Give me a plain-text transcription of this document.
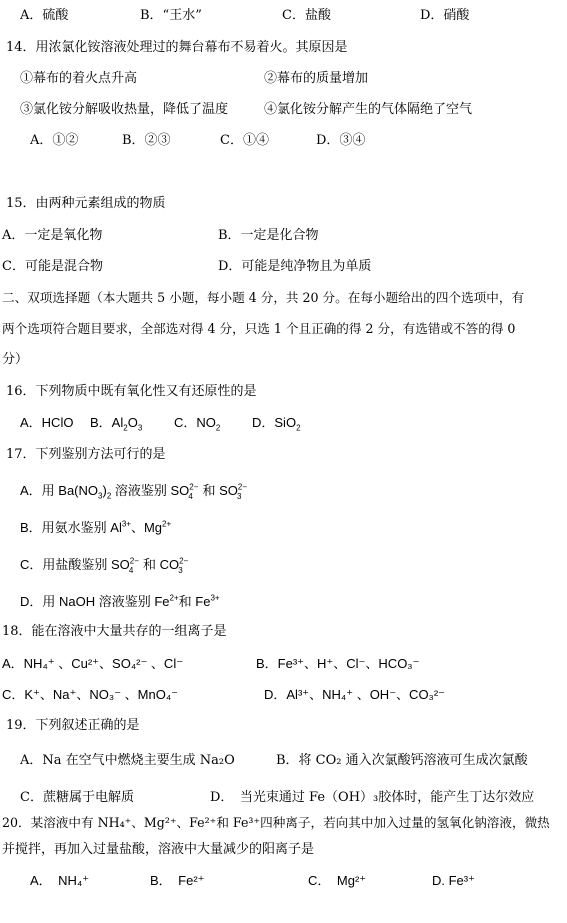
A．硫酸	B．“王水”	C．盐酸	D．硝酸
14．用浓氯化铵溶液处理过的舞台幕布不易着火。其原因是
①幕布的着火点升高	②幕布的质量增加
③氯化铵分解吸收热量，降低了温度	④氯化铵分解产生的气体隔绝了空气
A．①②	B．②③	C．①④	D．③④
15．由两种元素组成的物质
A．一定是氧化物	B．一定是化合物
C．可能是混合物	D．可能是纯净物且为单质
二、双项选择题（本大题共 5 小题，每小题 4 分，共 20 分。在每小题给出的四个选项中，有
两个选项符合题目要求，全部选对得 4 分，只选 1 个且正确的得 2 分，有选错或不答的得 0
分）
16．下列物质中既有氧化性又有还原性的是
A．HClO B．$Al_2O_3$ C．$NO_2$ D．SiO$_2$
17．下列鉴别方法可行的是
A．用 $Ba(NO_3)_2$ 溶液鉴别 $SO^{2-}_4$ 和 $SO^{2-}_3$
B．用氨水鉴别 $Al^{3+}$、$Mg^{2+}$
C．用盐酸鉴别 $SO^{2-}_4$ 和 $CO^{2-}_3$
D．用 NaOH 溶液鉴别 $Fe^{2+}$和 $Fe^{3+}$
18．能在溶液中大量共存的一组离子是
A．NH₄⁺ 、Cu²⁺、SO₄²⁻ 、Cl⁻	B．Fe³⁺、H⁺、Cl⁻、HCO₃⁻
C．K⁺、Na⁺、NO₃⁻ 、MnO₄⁻	D．Al³⁺、NH₄⁺ 、OH⁻、CO₃²⁻
19．下列叙述正确的是
A．Na 在空气中燃烧主要生成 Na₂O	B．将 CO₂ 通入次氯酸钙溶液可生成次氯酸
C．蔗糖属于电解质	D．　当光束通过 Fe（OH）₃胶体时，能产生丁达尔效应
20．某溶液中有 NH₄⁺、Mg²⁺、Fe²⁺和 Fe³⁺四种离子，若向其中加入过量的氢氧化钠溶液，微热
并搅拌，再加入过量盐酸，溶液中大量减少的阳离子是
A．　NH₄⁺	B．　Fe²⁺	C．　Mg²⁺	D. Fe³⁺
